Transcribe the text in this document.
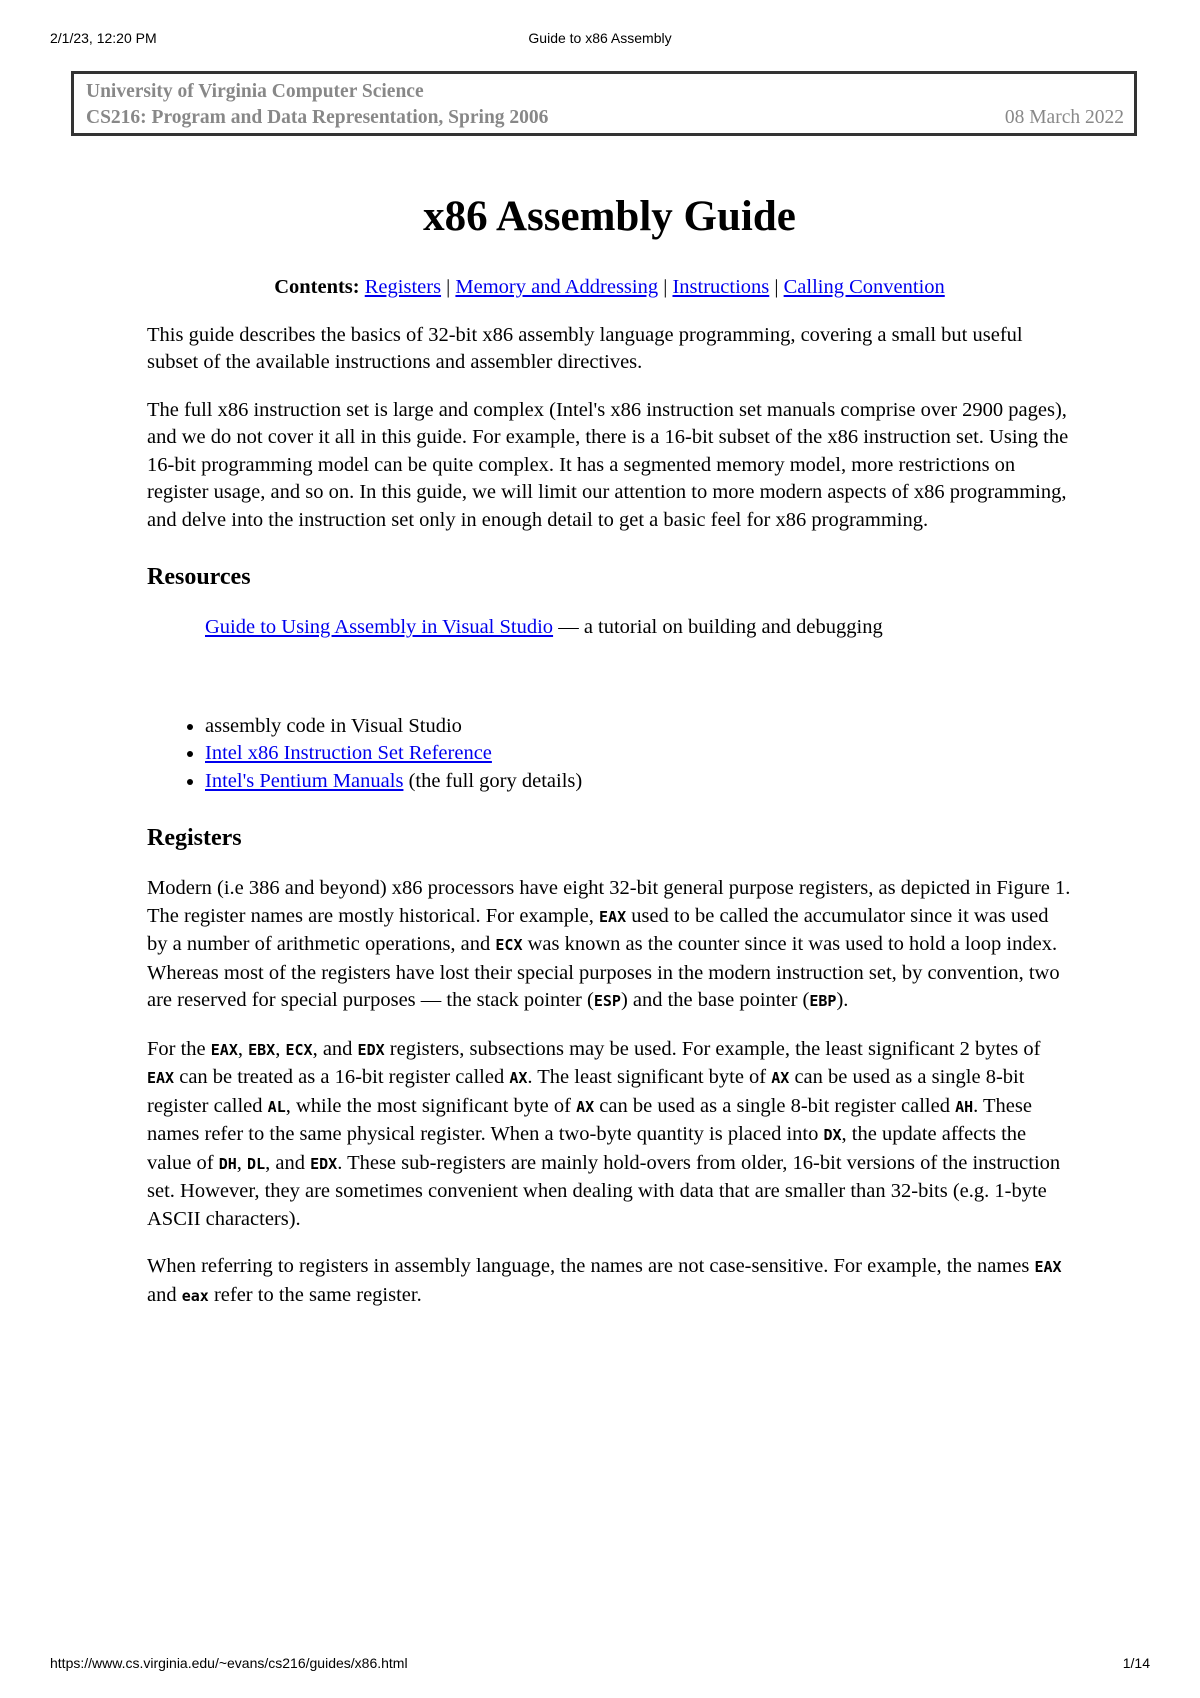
2/1/23, 12:20 PM	Guide to x86 Assembly
University of Virginia Computer Science
CS216: Program and Data Representation, Spring 2006	08 March 2022
x86 Assembly Guide
Contents: Registers | Memory and Addressing | Instructions | Calling Convention

This guide describes the basics of 32-bit x86 assembly language programming, covering a small but useful subset of the available instructions and assembler directives.

The full x86 instruction set is large and complex (Intel's x86 instruction set manuals comprise over 2900 pages), and we do not cover it all in this guide. For example, there is a 16-bit subset of the x86 instruction set. Using the 16-bit programming model can be quite complex. It has a segmented memory model, more restrictions on register usage, and so on. In this guide, we will limit our attention to more modern aspects of x86 programming, and delve into the instruction set only in enough detail to get a basic feel for x86 programming.

Resources
Guide to Using Assembly in Visual Studio — a tutorial on building and debugging
• assembly code in Visual Studio
• Intel x86 Instruction Set Reference
• Intel's Pentium Manuals (the full gory details)
Registers

Modern (i.e 386 and beyond) x86 processors have eight 32-bit general purpose registers, as depicted in Figure 1. The register names are mostly historical. For example, EAX used to be called the accumulator since it was used by a number of arithmetic operations, and ECX was known as the counter since it was used to hold a loop index. Whereas most of the registers have lost their special purposes in the modern instruction set, by convention, two are reserved for special purposes — the stack pointer (ESP) and the base pointer (EBP).

For the EAX, EBX, ECX, and EDX registers, subsections may be used. For example, the least significant 2 bytes of EAX can be treated as a 16-bit register called AX. The least significant byte of AX can be used as a single 8-bit register called AL, while the most significant byte of AX can be used as a single 8-bit register called AH. These names refer to the same physical register. When a two-byte quantity is placed into DX, the update affects the value of DH, DL, and EDX. These sub-registers are mainly hold-overs from older, 16-bit versions of the instruction set. However, they are sometimes convenient when dealing with data that are smaller than 32-bits (e.g. 1-byte ASCII characters).

When referring to registers in assembly language, the names are not case-sensitive. For example, the names EAX and eax refer to the same register.

https://www.cs.virginia.edu/~evans/cs216/guides/x86.html	1/14
